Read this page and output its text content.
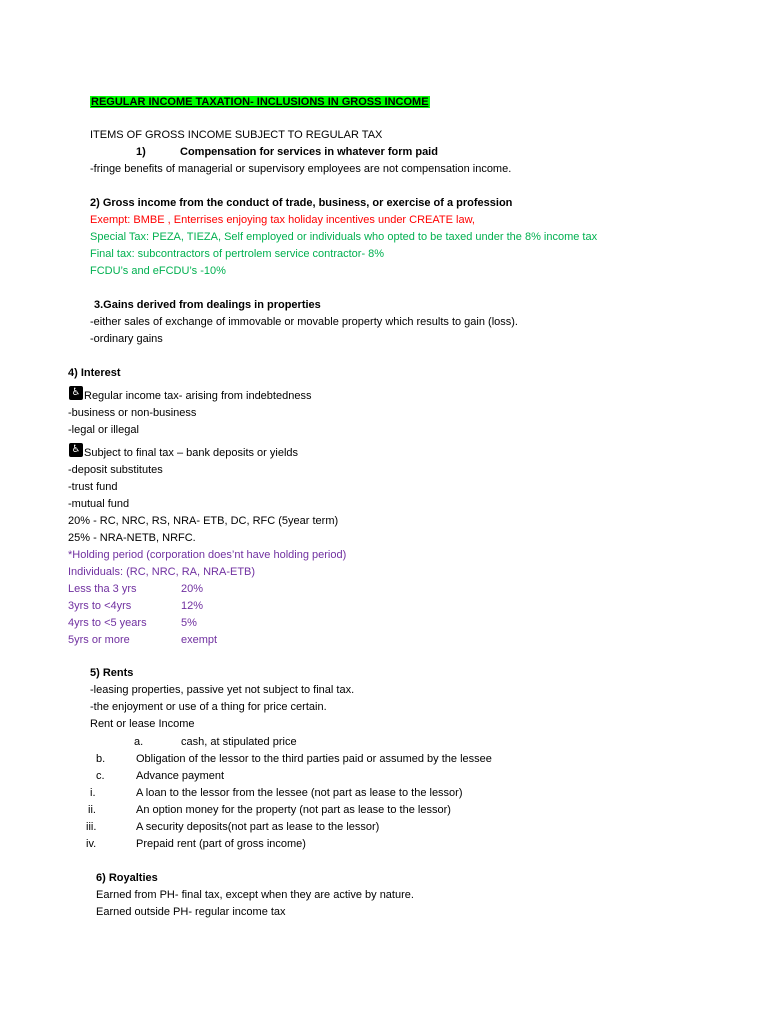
REGULAR INCOME TAXATION- INCLUSIONS IN GROSS INCOME
ITEMS OF GROSS INCOME SUBJECT TO REGULAR TAX
1)	Compensation for services in whatever form paid
-fringe benefits of managerial or supervisory employees are not compensation income.
2) Gross income from the conduct of trade, business, or exercise of a profession
Exempt: BMBE , Enterrises enjoying tax holiday incentives under CREATE law,
Special Tax: PEZA, TIEZA, Self employed or individuals who opted to be taxed under the 8% income tax
Final tax: subcontractors of pertrolem service contractor- 8%
FCDU’s and eFCDU’s -10%
3.Gains derived from dealings in properties
-either sales of exchange of immovable or movable property which results to gain (loss).
-ordinary gains
4) Interest
♿ Regular income tax- arising from indebtedness
-business or non-business
-legal or illegal
♿ Subject to final tax – bank deposits or yields
-deposit substitutes
-trust fund
-mutual fund
20% - RC, NRC, RS, NRA- ETB, DC, RFC (5year term)
25% - NRA-NETB, NRFC.
*Holding period (corporation does’nt have holding period)
Individuals: (RC, NRC, RA, NRA-ETB)
Less tha 3 yrs	20%
3yrs to <4yrs	12%
4yrs to <5 years	5%
5yrs or more	exempt
5) Rents
-leasing properties, passive yet not subject to final tax.
-the enjoyment or use of a thing for price certain.
Rent or lease Income
a.	cash, at stipulated price
b.	Obligation of the lessor to the third parties paid or assumed by the lessee
c.	Advance payment
i.	A loan to the lessor from the lessee (not part as lease to the lessor)
ii.	An option money for the property (not part as lease to the lessor)
iii.	A security deposits(not part as lease to the lessor)
iv.	Prepaid rent (part of gross income)
6) Royalties
Earned from PH- final tax, except when they are active by nature.
Earned outside PH- regular income tax
